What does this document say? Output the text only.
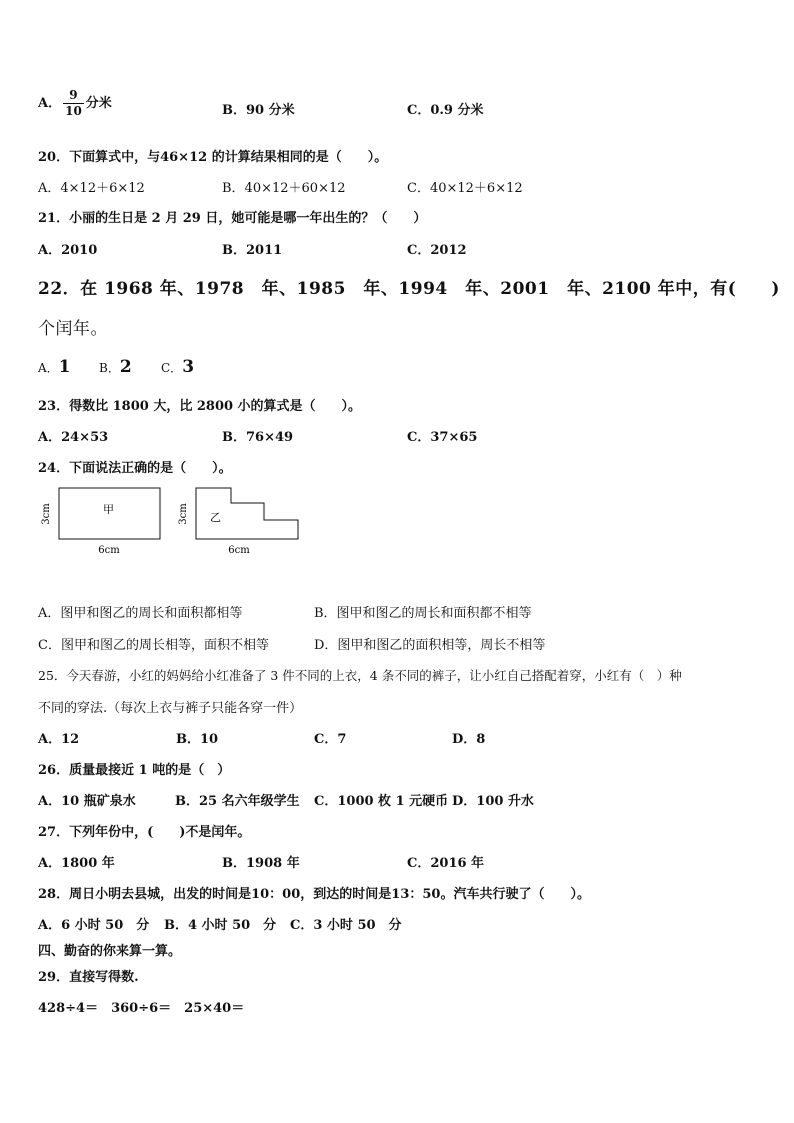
A． $\frac{9}{10}$ 分米	B．90 分米	C．0.9 分米
20．下面算式中，与46×12 的计算结果相同的是（　　）。
A．4×12＋6×12	B．40×12＋60×12	C．40×12＋6×12
21．小丽的生日是 2 月 29 日，她可能是哪一年出生的？（　　）
A．2010	B．2011	C．2012
22．在 1968 年、1978　年、1985　年、1994　年、2001　年、2100 年中，有(　　)
个闰年。
A．1 B．2 C．3
23．得数比 1800 大，比 2800 小的算式是（　　）。
A．24×53	B．76×49	C．37×65
24．下面说法正确的是（　　）。
甲
3cm
6cm
乙
3cm
6cm
A．图甲和图乙的周长和面积都相等	B．图甲和图乙的周长和面积都不相等
C．图甲和图乙的周长相等，面积不相等	D．图甲和图乙的面积相等，周长不相等
25．今天春游，小红的妈妈给小红准备了 3 件不同的上衣，4 条不同的裤子，让小红自己搭配着穿，小红有（　）种
不同的穿法.（每次上衣与裤子只能各穿一件）
A．12	B．10	C．7	D．8
26．质量最接近 1 吨的是（　）
A．10 瓶矿泉水	B．25 名六年级学生 C．1000 枚 1 元硬币 D．100 升水
27．下列年份中，(　　)不是闰年。
A．1800 年	B．1908 年	C．2016 年
28．周日小明去县城，出发的时间是10：00，到达的时间是13：50。汽车共行驶了（　　）。
A．6 小时 50　分 B．4 小时 50　分 C．3 小时 50　分
四、勤奋的你来算一算。
29．直接写得数.
428÷4＝　360÷6＝　25×40＝
